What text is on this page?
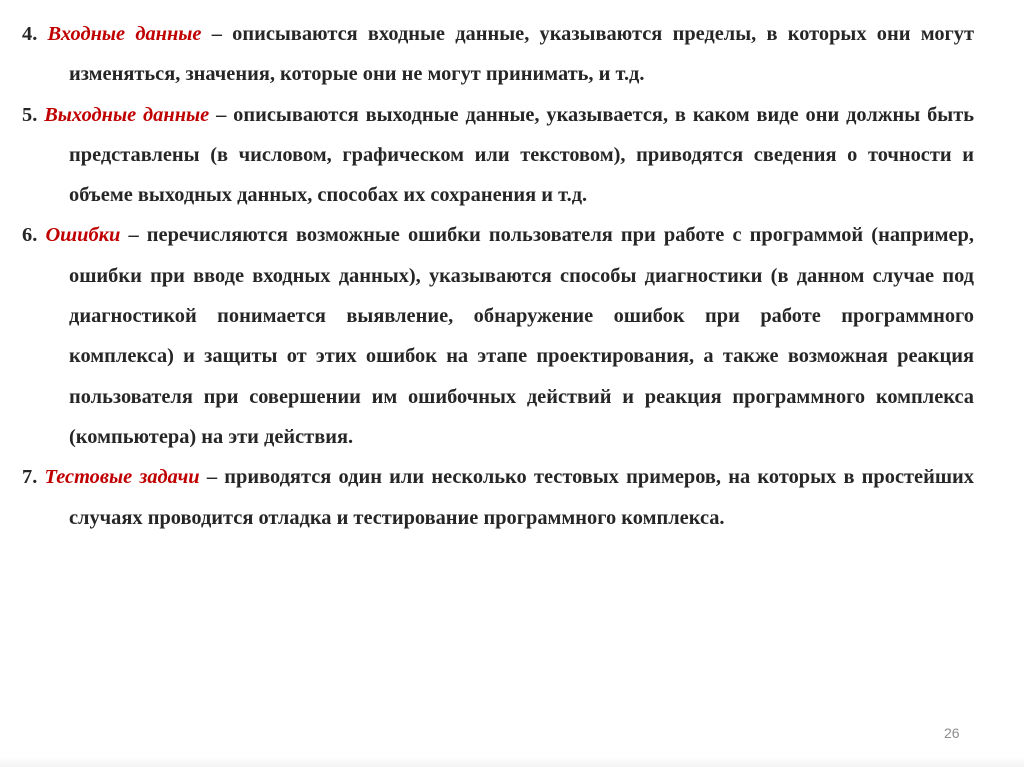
4. Входные данные – описываются входные данные, указываются пределы, в которых они могут изменяться, значения, которые они не могут принимать, и т.д.

5. Выходные данные – описываются выходные данные, указывается, в каком виде они должны быть представлены (в числовом, графическом или текстовом), приводятся сведения о точности и объеме выходных данных, способах их сохранения и т.д.

6. Ошибки – перечисляются возможные ошибки пользователя при работе с программой (например, ошибки при вводе входных данных), указываются способы диагностики (в данном случае под диагностикой понимается выявление, обнаружение ошибок при работе программного комплекса) и защиты от этих ошибок на этапе проектирования, а также возможная реакция пользователя при совершении им ошибочных действий и реакция программного комплекса (компьютера) на эти действия.

7. Тестовые задачи – приводятся один или несколько тестовых примеров, на которых в простейших случаях проводится отладка и тестирование программного комплекса.

26
